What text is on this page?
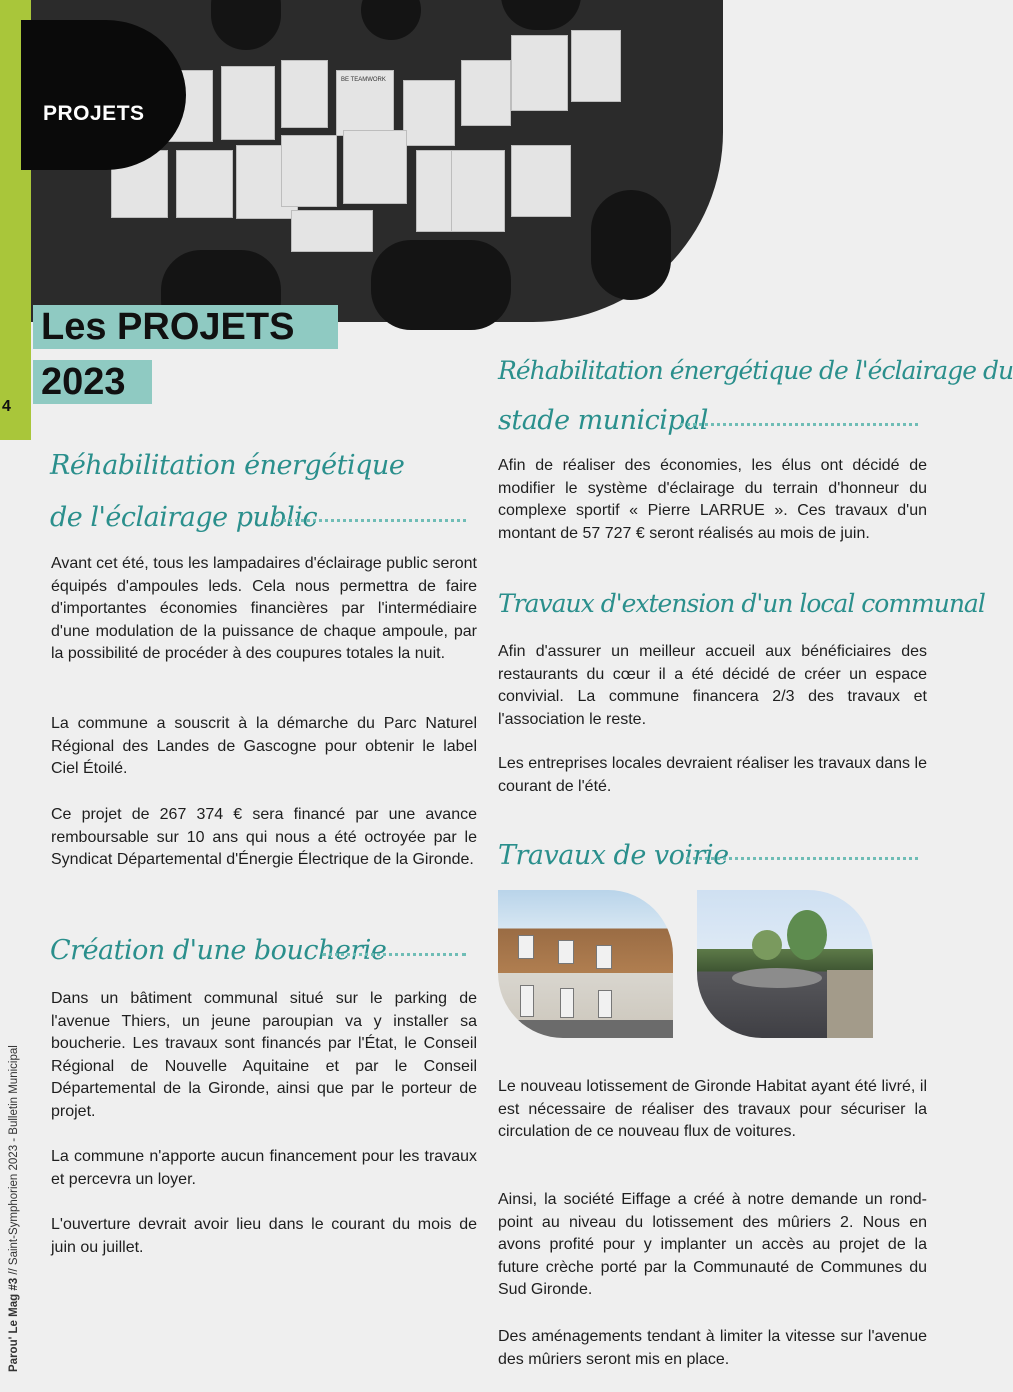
4
Parou' Le Mag #3 // Saint-Symphorien 2023 - Bulletin Municipal
BE TEAMWORK
PROJETS
Les PROJETS
2023
Réhabilitation énergétique
de l'éclairage public
Avant cet été, tous les lampadaires d'éclairage public seront équipés d'ampoules leds. Cela nous permettra de faire d'importantes économies financières par l'intermédiaire d'une modulation de la puissance de chaque ampoule, par la possibilité de procéder à des coupures totales la nuit.
La commune a souscrit à la démarche du Parc Naturel Régional des Landes de Gascogne pour obtenir le label Ciel Étoilé.
Ce projet de 267 374 € sera financé par une avance remboursable sur 10 ans qui nous a été octroyée par le Syndicat Départemental d'Énergie Électrique de la Gironde.
Création d'une boucherie
Dans un bâtiment communal situé sur le parking de l'avenue Thiers, un jeune paroupian va y installer sa boucherie. Les travaux sont financés par l'État, le Conseil Régional de Nouvelle Aquitaine et par le Conseil Départemental de la Gironde, ainsi que par le porteur de projet.
La commune n'apporte aucun financement pour les travaux et percevra un loyer.
L'ouverture devrait avoir lieu dans le courant du mois de juin ou juillet.
Réhabilitation énergétique de l'éclairage du
stade municipal
Afin de réaliser des économies, les élus ont décidé de modifier le système d'éclairage du terrain d'honneur du complexe sportif « Pierre LARRUE ». Ces travaux d'un montant de 57 727 € seront réalisés au mois de juin.
Travaux d'extension d'un local communal
Afin d'assurer un meilleur accueil aux bénéficiaires des restaurants du cœur il a été décidé de créer un espace convivial. La commune financera 2/3 des travaux et l'association le reste.
Les entreprises locales devraient réaliser les travaux dans le courant de l'été.
Travaux de voirie
Le nouveau lotissement de Gironde Habitat ayant été livré, il est nécessaire de réaliser des travaux pour sécuriser la circulation de ce nouveau flux de voitures.
Ainsi, la société Eiffage a créé à notre demande un rond-point au niveau du lotissement des mûriers 2. Nous en avons profité pour y implanter un accès au projet de la future crèche porté par la Communauté de Communes du Sud Gironde.
Des aménagements tendant à limiter la vitesse sur l'avenue des mûriers seront mis en place.
